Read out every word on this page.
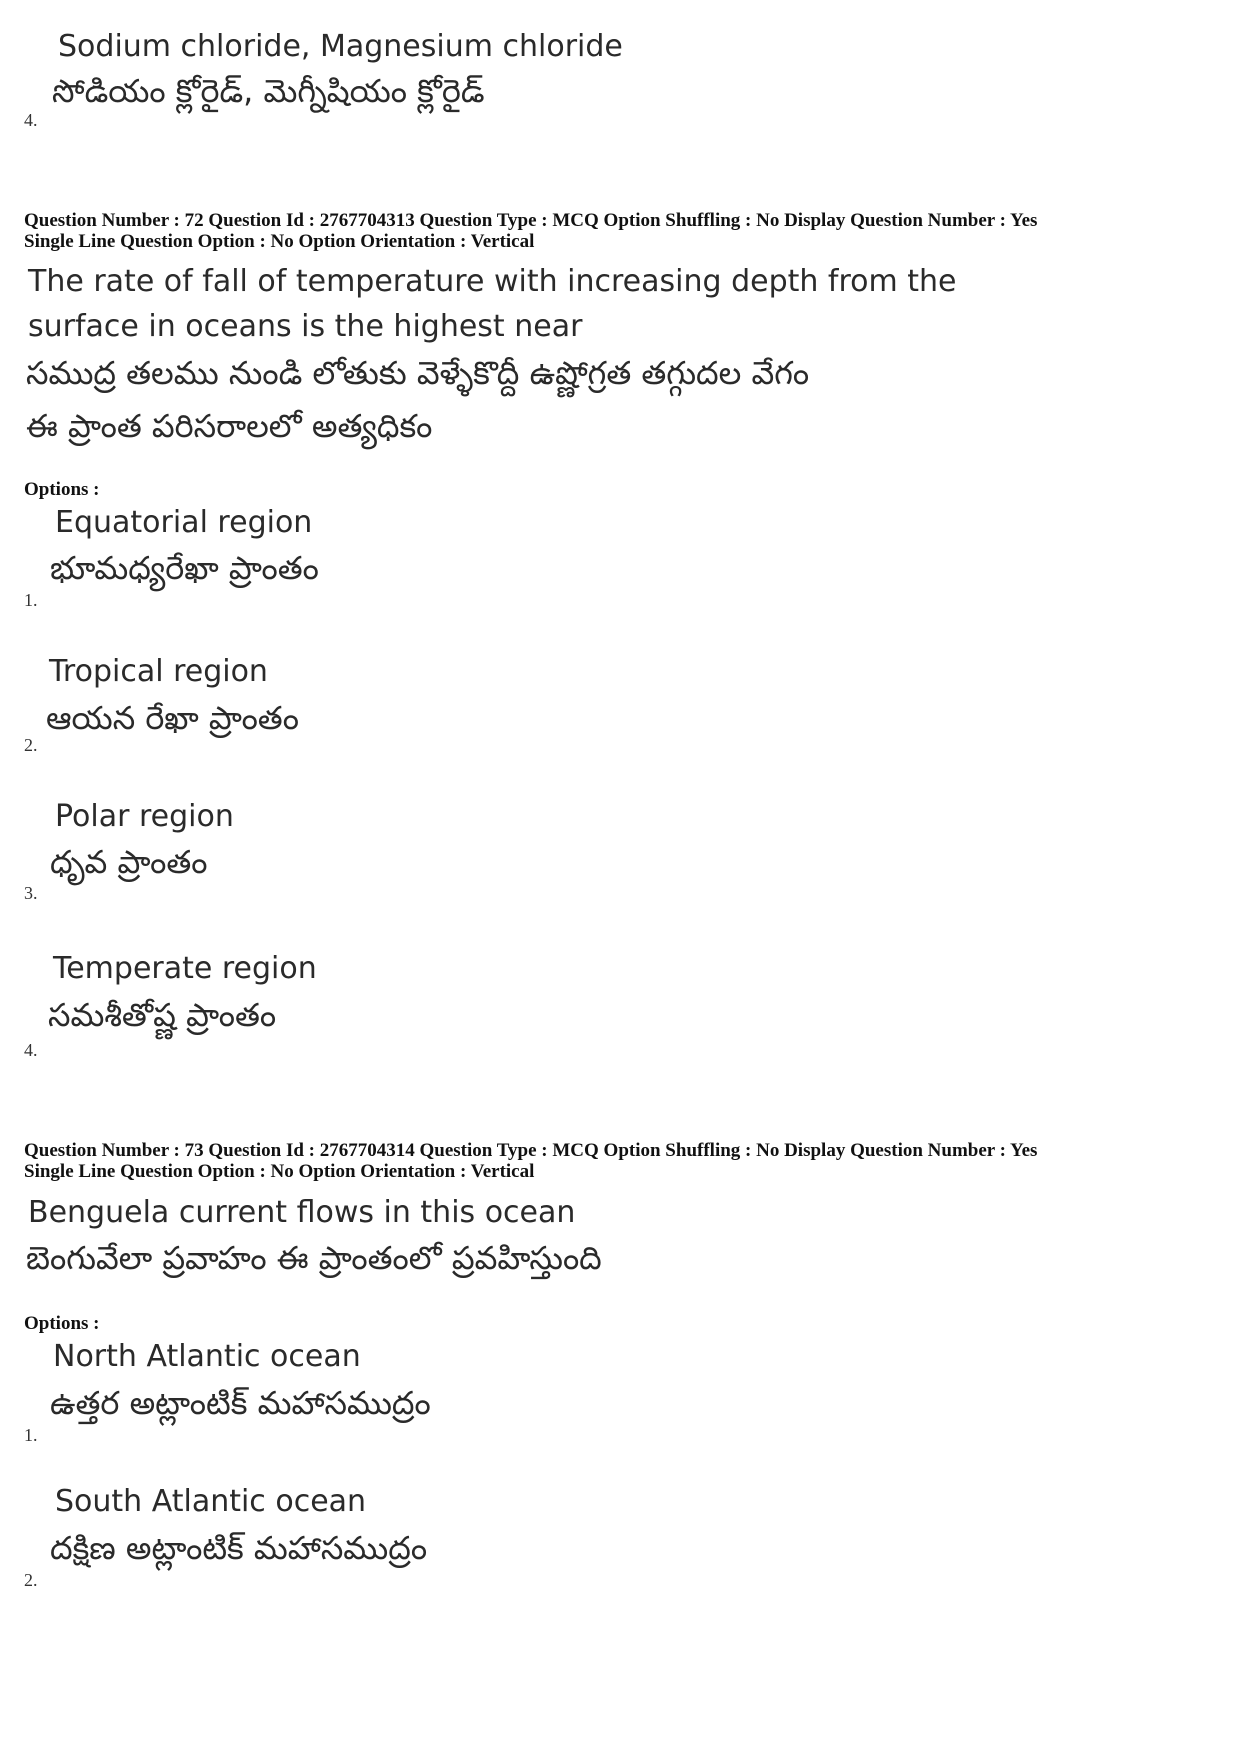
Sodium chloride, Magnesium chloride
సోడియం క్లోరైడ్, మెగ్నీషియం క్లోరైడ్
4.
Question Number : 72 Question Id : 2767704313 Question Type : MCQ Option Shuffling : No Display Question Number : Yes
Single Line Question Option : No Option Orientation : Vertical
The rate of fall of temperature with increasing depth from the
surface in oceans is the highest near
సముద్ర తలము నుండి లోతుకు వెళ్ళేకొద్దీ ఉష్ణోగ్రత తగ్గుదల వేగం
ఈ ప్రాంత పరిసరాలలో అత్యధికం
Options :
Equatorial region
భూమధ్యరేఖా ప్రాంతం
1.
Tropical region
ఆయన రేఖా ప్రాంతం
2.
Polar region
ధృవ ప్రాంతం
3.
Temperate region
సమశీతోష్ణ ప్రాంతం
4.
Question Number : 73 Question Id : 2767704314 Question Type : MCQ Option Shuffling : No Display Question Number : Yes
Single Line Question Option : No Option Orientation : Vertical
Benguela current flows in this ocean
బెంగువేలా ప్రవాహం ఈ ప్రాంతంలో ప్రవహిస్తుంది
Options :
North Atlantic ocean
ఉత్తర అట్లాంటిక్ మహాసముద్రం
1.
South Atlantic ocean
దక్షిణ అట్లాంటిక్ మహాసముద్రం
2.
